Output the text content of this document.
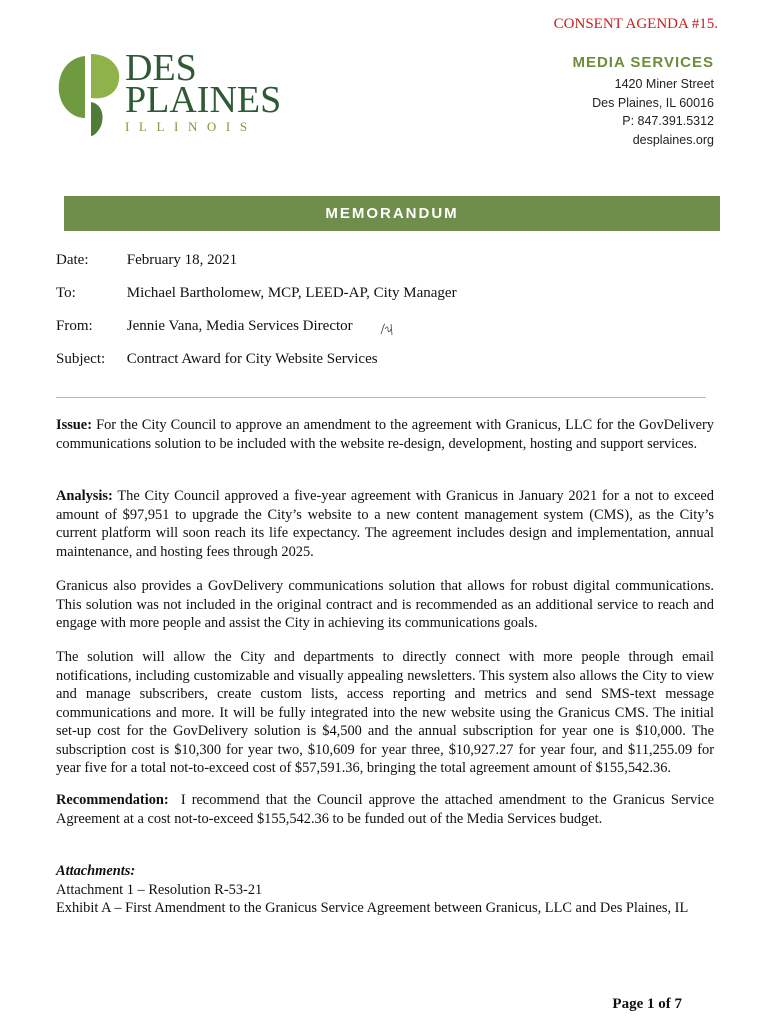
CONSENT AGENDA #15.
DES
PLAINES
ILLINOIS
MEDIA SERVICES
1420 Miner Street
Des Plaines, IL 60016
P: 847.391.5312
desplaines.org
MEMORANDUM
Date:	February 18, 2021
To:	Michael Bartholomew, MCP, LEED-AP, City Manager
From: Jennie Vana, Media Services Director
Subject: Contract Award for City Website Services

Issue: For the City Council to approve an amendment to the agreement with Granicus, LLC for the GovDelivery communications solution to be included with the website re-design, development, hosting and support services.

Analysis: The City Council approved a five-year agreement with Granicus in January 2021 for a not to exceed amount of $97,951 to upgrade the City’s website to a new content management system (CMS), as the City’s current platform will soon reach its life expectancy. The agreement includes design and implementation, annual maintenance, and hosting fees through 2025.

Granicus also provides a GovDelivery communications solution that allows for robust digital communications. This solution was not included in the original contract and is recommended as an additional service to reach and engage with more people and assist the City in achieving its communications goals.

The solution will allow the City and departments to directly connect with more people through email notifications, including customizable and visually appealing newsletters. This system also allows the City to view and manage subscribers, create custom lists, access reporting and metrics and send SMS-text message communications and more. It will be fully integrated into the new website using the Granicus CMS. The initial set-up cost for the GovDelivery solution is $4,500 and the annual subscription for year one is $10,000. The subscription cost is $10,300 for year two, $10,609 for year three, $10,927.27 for year four, and $11,255.09 for year five for a total not-to-exceed cost of $57,591.36, bringing the total agreement amount of $155,542.36.

Recommendation: I recommend that the Council approve the attached amendment to the Granicus Service Agreement at a cost not-to-exceed $155,542.36 to be funded out of the Media Services budget.

Attachments:
Attachment 1 – Resolution R-53-21
Exhibit A – First Amendment to the Granicus Service Agreement between Granicus, LLC and Des Plaines, IL
Page 1 of 7
